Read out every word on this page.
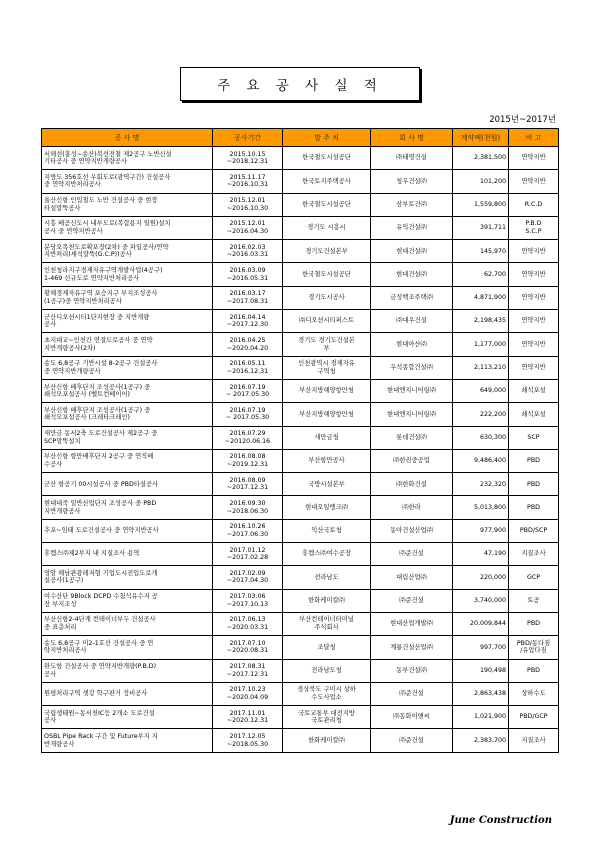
주 요 공 사 실 적
2015년~2017년
공 사 명	공사기간	발 주 처	회 사 명	계약액(천원)	비 고

서해선(홍성~송산)복선전철 제2공구 노반신설
기타공사 중 연약지반개량공사	2015.10.15
~2018.12.31	한국철도시설공단	㈜태영건설	2,381,500	연약지반

지방도 356호선 우회도로(광역구간) 건설공사
중 연약지반처리공사	2015.11.17
~2016.10.31	한국토지주택공사	청우건설㈜	101,200	연약지반

울산신항 인입철도 노반 건설공사 중 현장
타설말뚝공사	2015.12.01
~2016.10.30	한국철도시설공단	삼부토건㈜	1,559,800	R.C.D

시흥 배곧신도시 내부도로(복합용지 일원)설치
공사 중 연약지반공사	2015.12.01
~2016.04.30	경기도 시흥시	유익건설㈜	391,711	P.B.D
S.C.P

분당오목천도로확포장(2차) 중 파일공사/연약
지반처리(셰석말뚝(G.C.P))공사	2016.02.03
~2016.03.31	경기도건설본부	현대건설㈜	145,970	연약지반

인천청라지구경제자유구역개발사업(4공구)
1-469 신규도로 연약지반처리공사	2016.03.09
~2016.05.31	한국철도시설공단	현대건설㈜	62,700	연약지반

황해경제자유구역 포승지구 부지조성공사
(1공구)중 연약지반처리공사	2016.03.17
~2017.08.31	경기도시공사	금성백조주택㈜	4,871,900	연약지반

군산디오션시티1단지현장 중 지반개량
공사	2016.04.14
~2017.12.30	㈜디오션시티퍼스트	㈜대우건설	2,198,435	연약지반

초지대교~인천간 연결도로공사 중 연약
지반개량공사(2차)	2016.04.25
~2020.04.20	경기도 경기도건설본
부	현대아산㈜	1,177,000	연약지반

송도 6,8공구 기반시설 8-2공구 건설공사
중 연약지반개량공사	2016.05.11
~2016.12.31	인천광역시 경제자유
구역청	우석종합건설㈜	2,113,210	연약지반

부산신항 배후단지 조성공사(1공구) 중
쇄석모포설공사 (벨트컨베이어)	2016.07.19
~ 2017.05.30	부산지방해양항만청	현대엔지니어링㈜	649,000	쇄석포설

부산신항 배후단지 조성공사(1공구) 중
쇄석모포설공사 (크레타크레인)	2016.07.19
~ 2017.05.30	부산지방해양항만청	현대엔지니어링㈜	222,200	쇄석포설

새만금 동서2축 도로건설공사 제2공구 중
SCP말뚝설치	2016.07.29
~20120.06.16	새만금청	롯데건설㈜	630,300	SCP

부산신항 항만배후단지 2공구 중 연직배
수공사	2016.08.08
~2019.12.31	부산항만공사	㈜한진중공업	9,486,400	PBD

군산 항공기 00시설공사 중 PBD타설공사	2016.08.09
~2017.12.31	국방시설본부	㈜한화건설	232,320	PBD

현대대죽 일반산업단지 조성공사 중 PBD
지반개량공사	2016.09.30
~2018.06.30	현대오일뱅크㈜	㈜한라	5,013,800	PBD

추포~임태 도로건설공사 중 연약지반공사	2016.10.26
~2017.06.30	익산국토청	동아건설산업㈜	977,900	PBD/SCP

휴켐스㈜제2부지 내 지질조사 용역	2017.01.12
~2017.02.28	휴켐스㈜여수공장	㈜준건설	47,190	지질조사

영암 해남관광레저형 기업도시진입도로개
설공사(1공구)	2017.02.09
~2017.04.30	전라남도	대림산업㈜	220,000	GCP

여수산단 9Block DCPD 수첨석유수지 공
장 부지조성	2017.03.06
~2017.10.13	한화케미칼㈜	㈜준건설	3,740,000	토공

부산신항2-4단계 컨테이너부두 건설공사
중 표층처리	2017.06.13
~2020.03.31	부산컨테이너터미널
주식회사	현대산업개발㈜	20,009,844	PBD

송도 6,8공구 미2-1호선 건설공사 중 연
약지반처리공사	2017.07.10
~2020.08.31	조달청	계룡건설산업㈜	997,700	PBD/동다짐
/유압다짐

완도항 건설공사 중 연약지반개량(P.B.D)
공사	2017.08.31
~2017.12.31	전라남도청	동부건설㈜	190,498	PBD

원평처리구역 셋강 학구판거 정비공사	2017.10.23
~2020.04.09	경상북도 구미시 상하
수도사업소	㈜준건설	2,863,438	상하수도

국립생태원~동서천IC등 2개소 도로건설
공사	2017.11.01
~2020.12.31	국토교통부 대전지방
국토관리청	㈜동화이앤씨	1,021,900	PBD/GCP

OSBL Pipe Rack 구간 및 Future부지 지
반개량공사	2017.12.05
~2018.05.30	한화케미칼㈜	㈜준건설	2,383,700	지질조사
June Construction
